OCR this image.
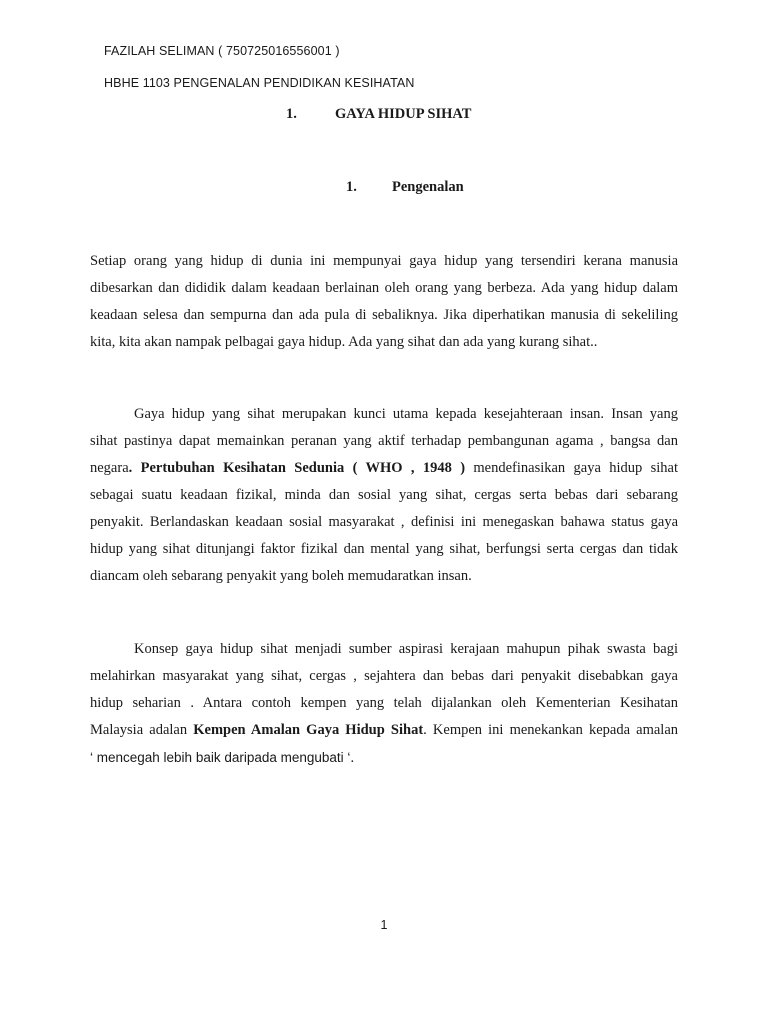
FAZILAH SELIMAN ( 750725016556001 )
HBHE 1103 PENGENALAN PENDIDIKAN KESIHATAN
1.	GAYA HIDUP SIHAT
1. Pengenalan

Setiap orang yang hidup di dunia ini mempunyai gaya hidup yang tersendiri kerana manusia
dibesarkan dan dididik dalam keadaan berlainan oleh orang yang berbeza. Ada yang hidup dalam
keadaan selesa dan sempurna dan ada pula di sebaliknya. Jika diperhatikan manusia di sekeliling
kita, kita akan nampak pelbagai gaya hidup. Ada yang sihat dan ada yang kurang sihat..

Gaya hidup yang sihat merupakan kunci utama kepada kesejahteraan insan. Insan yang
sihat pastinya dapat memainkan peranan yang aktif terhadap pembangunan agama , bangsa dan
negara. Pertubuhan Kesihatan Sedunia ( WHO , 1948 ) mendefinasikan gaya hidup sihat
sebagai suatu keadaan fizikal, minda dan sosial yang sihat, cergas serta bebas dari sebarang
penyakit. Berlandaskan keadaan sosial masyarakat , definisi ini menegaskan bahawa status gaya
hidup yang sihat ditunjangi faktor fizikal dan mental yang sihat, berfungsi serta cergas dan tidak
diancam oleh sebarang penyakit yang boleh memudaratkan insan.

Konsep gaya hidup sihat menjadi sumber aspirasi kerajaan mahupun pihak swasta bagi
melahirkan masyarakat yang sihat, cergas , sejahtera dan bebas dari penyakit disebabkan gaya
hidup seharian . Antara contoh kempen yang telah dijalankan oleh Kementerian Kesihatan
Malaysia adalan Kempen Amalan Gaya Hidup Sihat. Kempen ini menekankan kepada amalan
‘ mencegah lebih baik daripada mengubati ‘.

1
